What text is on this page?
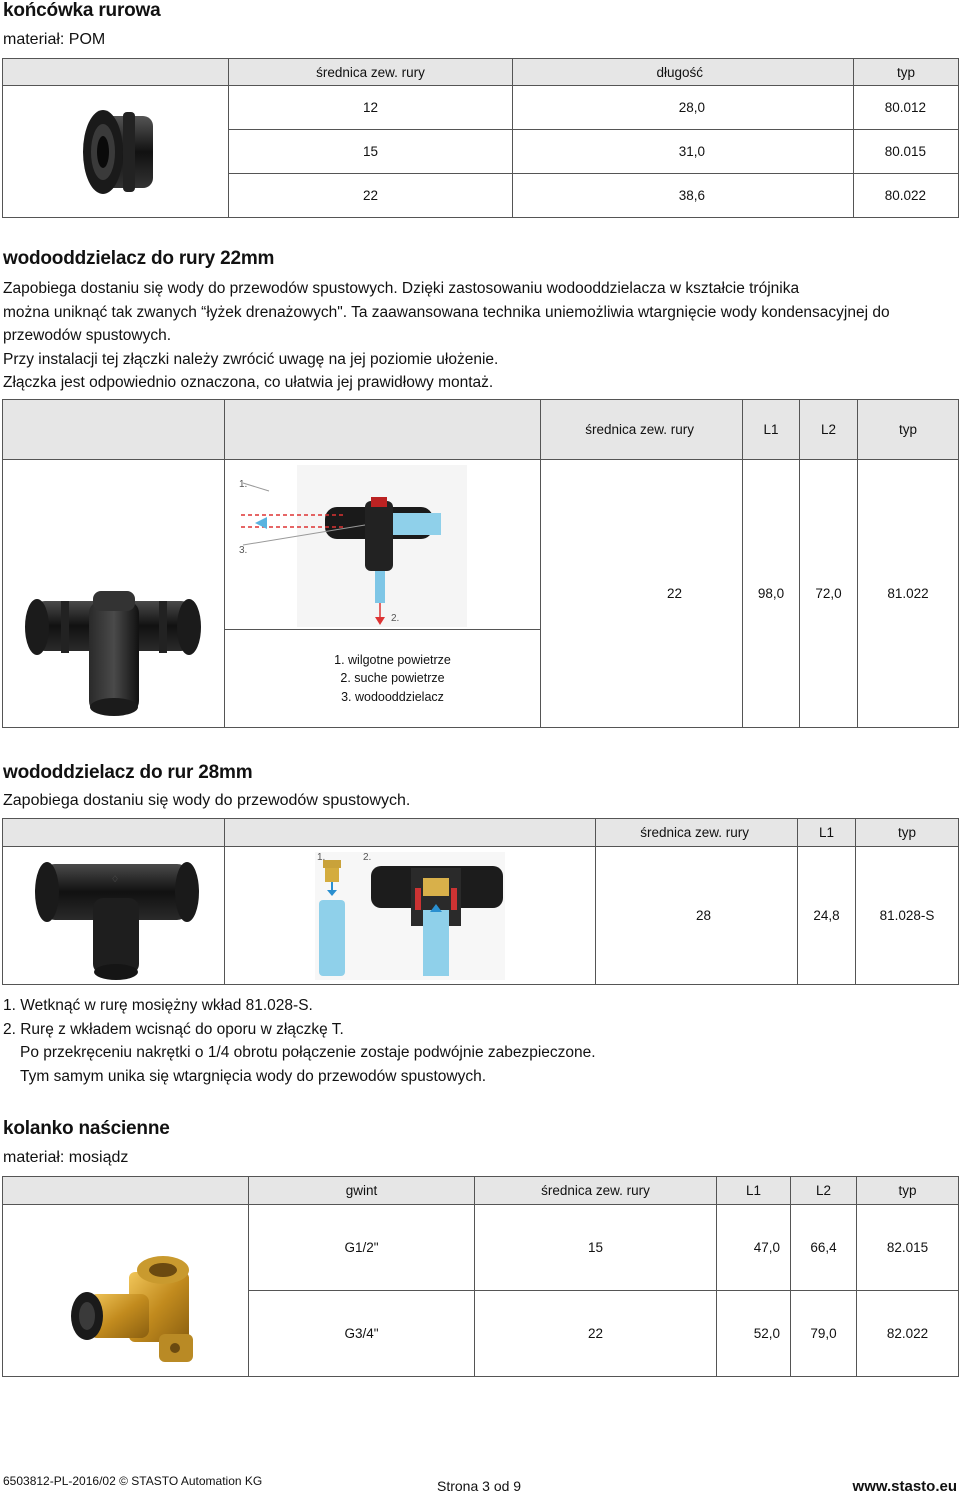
końcówka rurowa
materiał: POM
	średnica zew. rury	długość	typ

	12	28,0	80.012
	15	31,0	80.015
	22	38,6	80.022
wodooddzielacz do rury 22mm
Zapobiega dostaniu się wody do przewodów spustowych. Dzięki zastosowaniu wodooddzielacza w kształcie trójnika
można uniknąć tak zwanych “łyżek drenażowych". Ta zaawansowana technika uniemożliwia wtargnięcie wody kondensacyjnej do
przewodów spustowych.
Przy instalacji tej złączki należy zwrócić uwagę na jej poziomie ułożenie.
Złączka jest odpowiednio oznaczona, co ułatwia jej prawidłowy montaż.
		średnica zew. rury	L1	L2	typ

1.
3.
2.	22	98,0	72,0	81.022

	1. wilgotne powietrze
2. suche powietrze
3. wodooddzielacz				
wododdzielacz do rur 28mm
Zapobiega dostaniu się wody do przewodów spustowych.
		średnica zew. rury	L1	typ

♢	1. 2.	28	24,8	81.028-S
1. Wetknąć w rurę mosiężny wkład 81.028-S.
2. Rurę z wkładem wcisnąć do oporu w złączkę T.
Po przekręceniu nakrętki o 1/4 obrotu połączenie zostaje podwójnie zabezpieczone.
Tym samym unika się wtargnięcia wody do przewodów spustowych.
kolanko naścienne
materiał: mosiądz
	gwint	średnica zew. rury	L1	L2	typ

	G1/2"	15	47,0	66,4	82.015
	G3/4"	22	52,0	79,0	82.022
6503812-PL-2016/02 © STASTO Automation KG	Strona 3 od 9	www.stasto.eu
